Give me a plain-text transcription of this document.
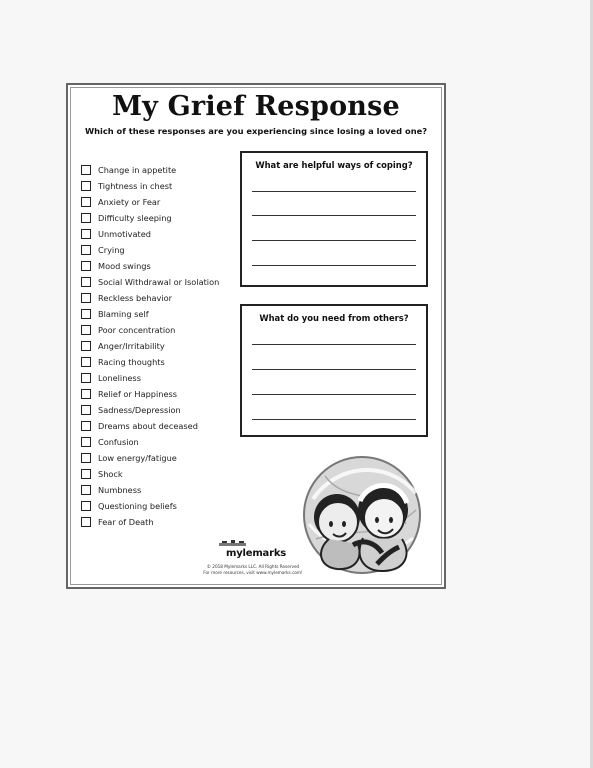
My Grief Response
Which of these responses are you experiencing since losing a loved one?
Change in appetite
Tightness in chest
Anxiety or Fear
Difficulty sleeping
Unmotivated
Crying
Mood swings
Social Withdrawal or Isolation
Reckless behavior
Blaming self
Poor concentration
Anger/Irritability
Racing thoughts
Loneliness
Relief or Happiness
Sadness/Depression
Dreams about deceased
Confusion
Low energy/fatigue
Shock
Numbness
Questioning beliefs
Fear of Death
What are helpful ways of coping?
What do you need from others?
mylemarks
© 2018 Mylemarks LLC. All Rights Reserved
For more resources, visit www.mylemarks.com!
